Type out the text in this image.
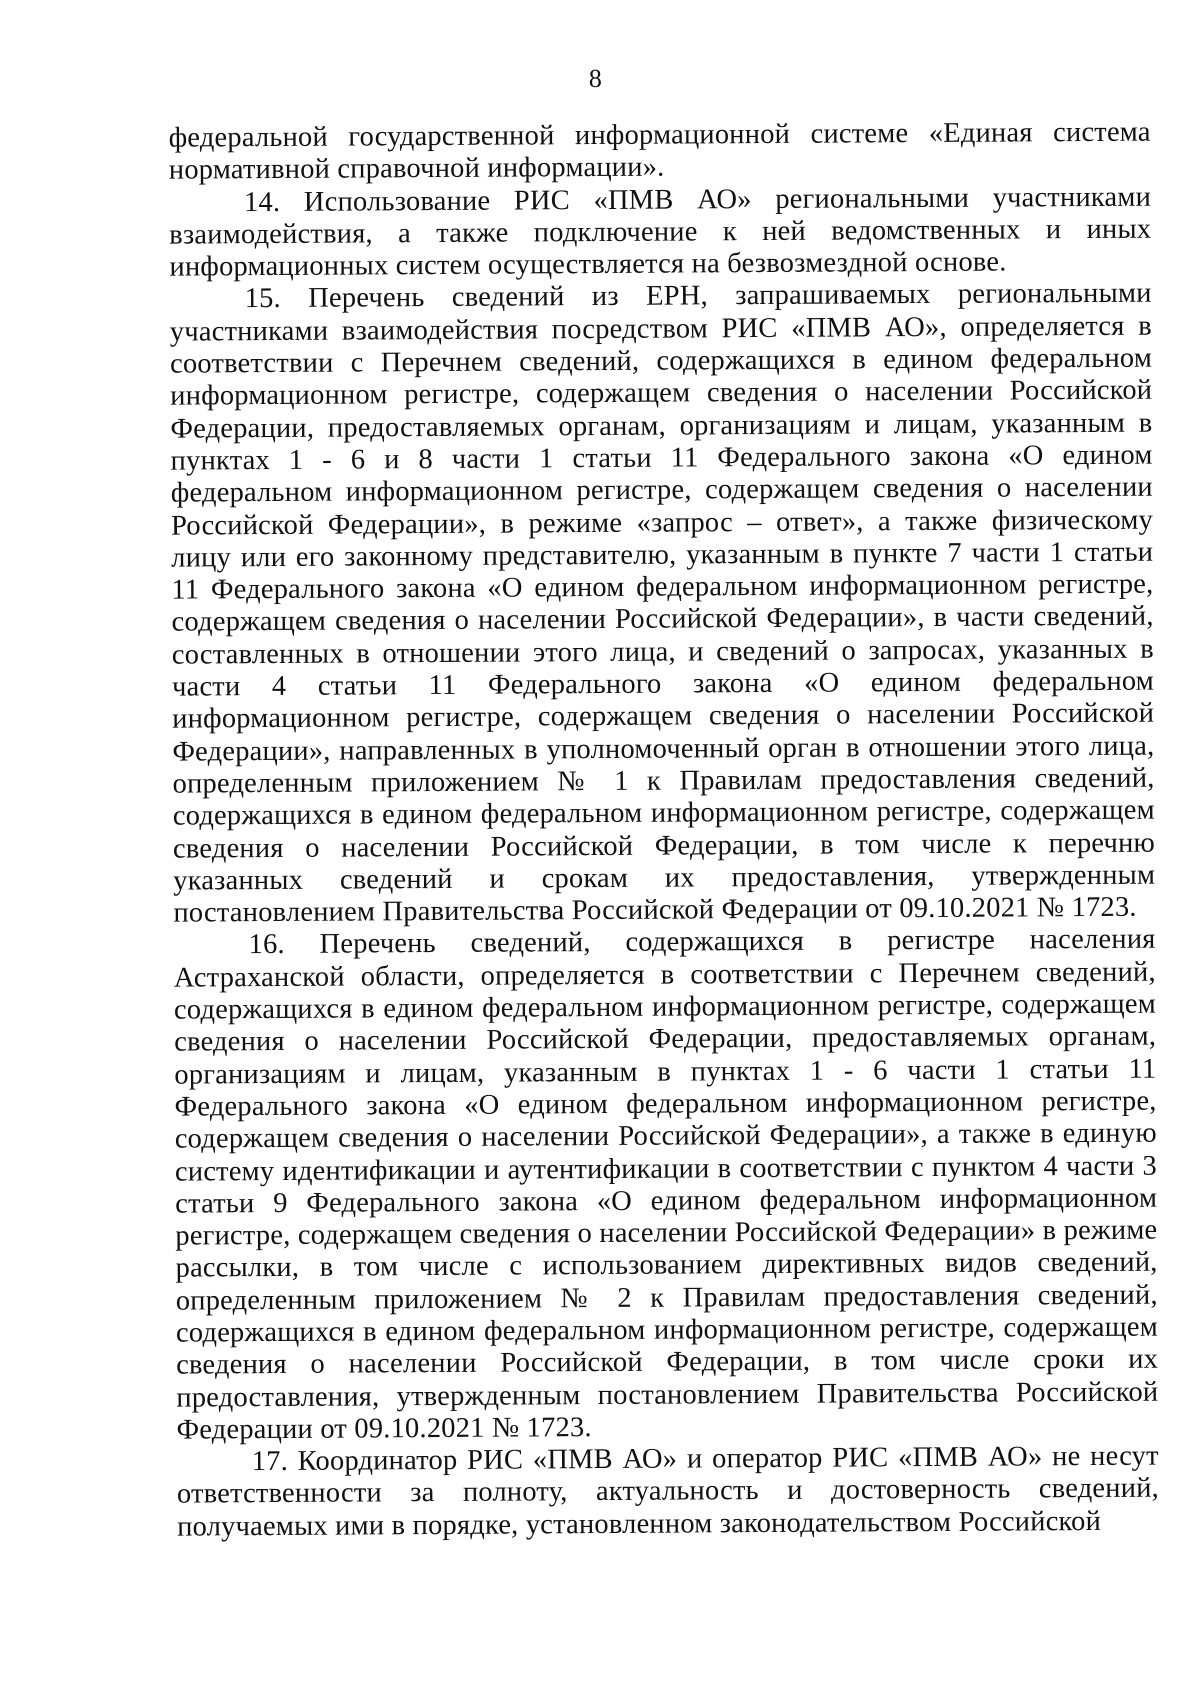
8

федеральной государственной информационной системе «Единая система нормативной справочной информации».

14. Использование РИС «ПМВ АО» региональными участниками взаимодействия, а также подключение к ней ведомственных и иных информационных систем осуществляется на безвозмездной основе.

15. Перечень сведений из ЕРН, запрашиваемых региональными участниками взаимодействия посредством РИС «ПМВ АО», определяется в соответствии с Перечнем сведений, содержащихся в едином федеральном информационном регистре, содержащем сведения о населении Российской Федерации, предоставляемых органам, организациям и лицам, указанным в пунктах 1 - 6 и 8 части 1 статьи 11 Федерального закона «О едином федеральном информационном регистре, содержащем сведения о населении Российской Федерации», в режиме «запрос – ответ», а также физическому лицу или его законному представителю, указанным в пункте 7 части 1 статьи 11 Федерального закона «О едином федеральном информационном регистре, содержащем сведения о населении Российской Федерации», в части сведений, составленных в отношении этого лица, и сведений о запросах, указанных в части 4 статьи 11 Федерального закона «О едином федеральном информационном регистре, содержащем сведения о населении Российской Федерации», направленных в уполномоченный орган в отношении этого лица, определенным приложением № 1 к Правилам предоставления сведений, содержащихся в едином федеральном информационном регистре, содержащем сведения о населении Российской Федерации, в том числе к перечню указанных сведений и срокам их предоставления, утвержденным постановлением Правительства Российской Федерации от 09.10.2021 № 1723.

16. Перечень сведений, содержащихся в регистре населения Астраханской области, определяется в соответствии с Перечнем сведений, содержащихся в едином федеральном информационном регистре, содержащем сведения о населении Российской Федерации, предоставляемых органам, организациям и лицам, указанным в пунктах 1 - 6 части 1 статьи 11 Федерального закона «О едином федеральном информационном регистре, содержащем сведения о населении Российской Федерации», а также в единую систему идентификации и аутентификации в соответствии с пунктом 4 части 3 статьи 9 Федерального закона «О едином федеральном информационном регистре, содержащем сведения о населении Российской Федерации» в режиме рассылки, в том числе с использованием директивных видов сведений, определенным приложением № 2 к Правилам предоставления сведений, содержащихся в едином федеральном информационном регистре, содержащем сведения о населении Российской Федерации, в том числе сроки их предоставления, утвержденным постановлением Правительства Российской Федерации от 09.10.2021 № 1723.

17. Координатор РИС «ПМВ АО» и оператор РИС «ПМВ АО» не несут ответственности за полноту, актуальность и достоверность сведений, получаемых ими в порядке, установленном законодательством Российской
